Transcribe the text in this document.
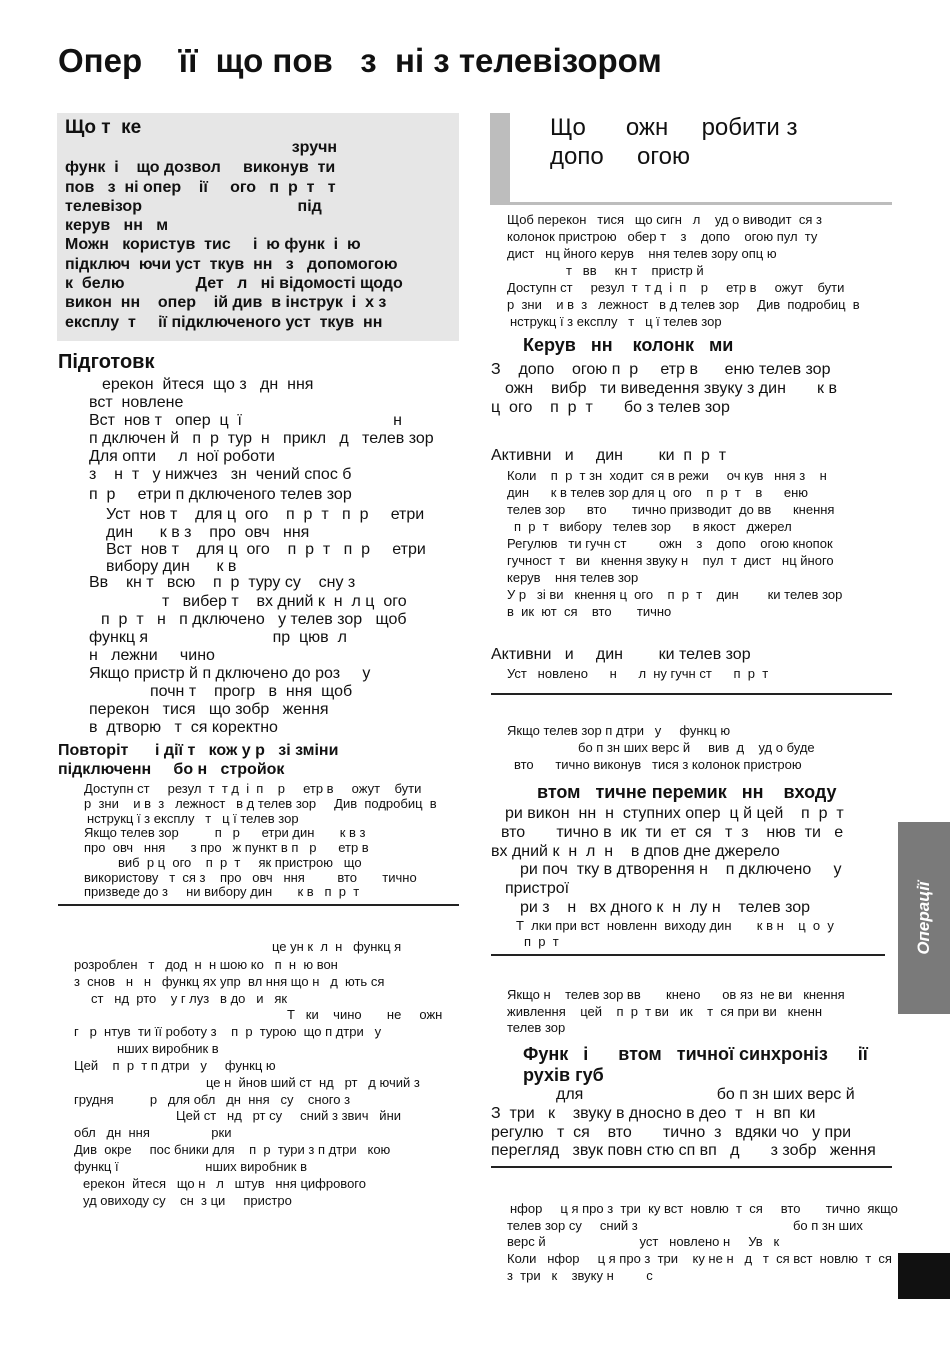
Опер    її  що пов   з  ні з телевізором
Що т  ке
зручн
функ  і    що дозвол     виконув  ти
пов   з  ні опер    ії     ого   п  р  т   т
телевізор                                   під
керув   нн   м
Можн   користув  тис     і  ю функ  і  ю
підключ  ючи уст  ткув  нн   з   допомогою
к  белю                Дет   л   ні відомості щодо
викон  нн    опер    ій див  в інструк  і  х з
експлу  т     ії підключеного уст  ткув  нн
Підготовк
ерекон  йтеся  що з   дн  ння
вст  новлене
Вст  нов т   опер  ц  ї                                  н
п дключен й   п  р  тур  н   прикл   д   телев зор
Для опти     л  ної роботи
з    н  т   у нижчез   зн  чений спос б
п  р     етри п дключеного телев зор
Уст  нов т    для ц  ого    п  р  т   п  р     етри
дин      к в з    про  овч   ння
Вст  нов т    для ц  ого    п  р  т   п  р     етри
вибору дин      к в
Вв    кн т   всю    п  р  туру су    сну з
т   вибер т    вх дний к  н  л ц  ого
п  р  т   н   п дключено   у телев зор   щоб
функц я                            пр  цюв  л
н   лежни     чино
Якщо пристр й п дключено до роз     у
почн т    прогр   в  ння  щоб
перекон   тися   що зобр   ження
в  дтворю   т  ся коректно
Повторіт      і дії т   кож у р   зі зміни
підключенн     бо н   стройок
Доступн ст     резул  т  т д  і  п    р     етр в     ожут    бути
р  зни    и в  з   лежност   в д телев зор     Див  подробиц  в
нструкц ї з експлу   т   ц ї телев зор
Якщо телев зор          п   р      етри дин       к в з
про  овч   ння       з про   ж пункт в п   р      етр в
виб  р ц  ого    п  р  т     як пристрою   що
використову   т  ся з    про   овч   ння         вто       тично
призведе до з     ни вибору дин       к в   п  р  т
це ун к  л  н   функц я
розроблен   т   дод  н  н шою ко   п  н  ю вон
з  снов   н   н   функц ях упр  вл ння що н   д  ють ся
ст   нд  рто    у г луз   в до   и   як
Т   ки    чино       не     ожн
г   р  нтув  ти її роботу з    п  р  турою  що п дтри   у
нших виробник в
Цей    п  р  т п дтри   у     функц ю
це н  йнов ший ст  нд   рт   д ючий з
грудня          р   для обл   дн  ння   су    сного з
Цей ст   нд   рт су     сний з звич   йни
обл   дн  ння                 рки
Див  окре     пос бники для    п  р  тури з п дтри   кою
функц ї                        нших виробник в
ерекон  йтеся   що н   л   штув   ння цифрового
уд овиходу су    сн  з ци     пристро
Що      ожн     робити з
допо     огою
Щоб перекон   тися   що сигн   л    уд о виводит  ся з
колонок пристрою   обер т    з    допо    огою пул  ту
дист   нц йного керув    ння телев зору опц ю
т   вв     кн т    пристр й
Доступн ст     резул  т  т д  і  п    р     етр в     ожут    бути
р  зни    и в  з   лежност   в д телев зор     Див  подробиц  в
нструкц ї з експлу   т   ц ї телев зор
Керув   нн    колонк   ми
З    допо    огою п  р     етр в      еню телев зор
ожн    вибр   ти виведення звуку з дин       к в
ц  ого    п  р  т       бо з телев зор
Активни   и     дин        ки  п  р  т
Коли    п  р  т зн  ходит  ся в режи     оч кув   ння з    н
дин      к в телев зор для ц  ого    п  р  т    в      еню
телев зор      вто       тично призводит  до вв      кнення
п  р  т   вибору   телев зор      в якост   джерел
Регулюв   ти гучн ст         ожн    з    допо    огою кнопок
гучност  т   ви   кнення звуку н    пул  т  дист   нц йного
керув    ння телев зор
У р   зі ви   кнення ц  ого    п  р  т    дин        ки телев зор
в  ик  ют  ся    вто       тично
Активни   и     дин        ки телев зор
Уст   новлено      н      л  ну гучн ст      п  р  т
Якщо телев зор п дтри   у     функц ю
бо п зн ших верс й     вив  д    уд о буде
вто      тично виконув   тися з колонок пристрою
втом   тичне перемик   нн    входу
ри викон  нн  н  ступних опер  ц й цей    п  р  т
вто       тично в  ик  ти  ет  ся   т  з    нюв  ти   е
вх дний к  н  л  н    в дпов дне джерело
ри поч  тку в дтворення н    п дключено     у
пристрої
ри з    н   вх дного к  н  лу н    телев зор
Т  лки при вст  новленн  виходу дин       к в н    ц  о  у
п  р  т
Якщо н    телев зор вв       кнено      ов яз  не ви   кнення
живлення    цей    п  р  т ви   ик    т  ся при ви   кненн
телев зор
Функ   і      втом   тичної синхроніз      ії
рухів губ
для                              бо п зн ших верс й
З  три   к    звуку в дносно в део  т   н  вп  ки
регулю   т  ся    вто       тично  з   вдяки чо   у при
перегляд   звук повн стю сп вп   д       з зобр   ження
нфор     ц я про з  три  ку вст  новлю  т  ся     вто       тично  якщо
телев зор су     сний з                                           бо п зн ших
верс й                          уст   новлено н     Ув   к
Коли   нфор     ц я про з  три    ку не н   д   т  ся вст  новлю  т  ся
з  три   к    звуку н         с
Операції
